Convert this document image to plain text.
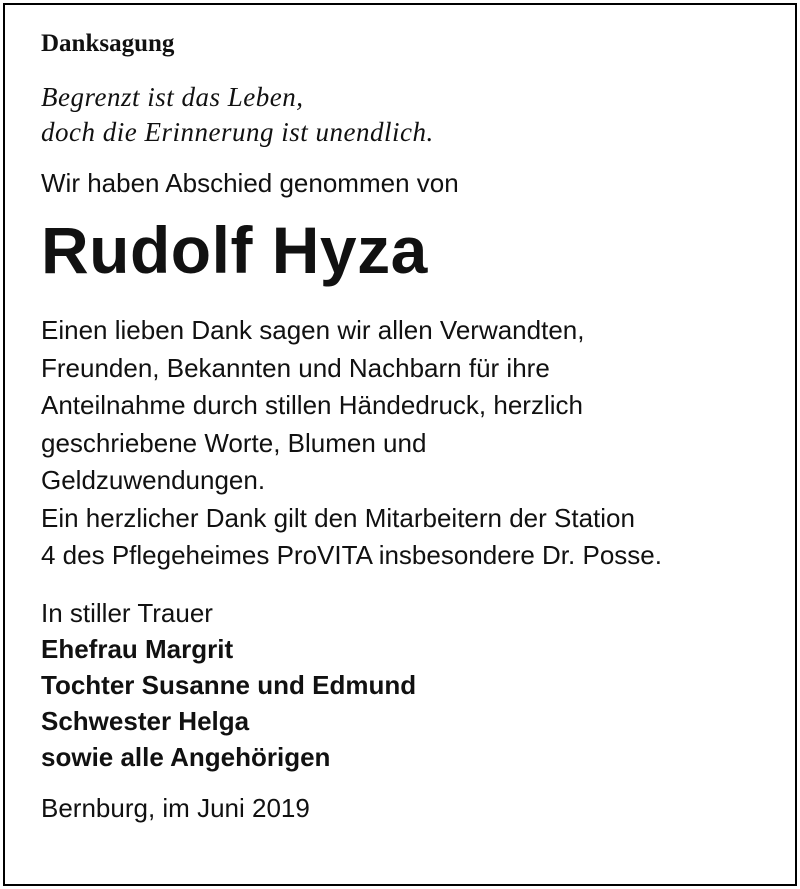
Danksagung
Begrenzt ist das Leben,
doch die Erinnerung ist unendlich.
Wir haben Abschied genommen von
Rudolf Hyza
Einen lieben Dank sagen wir allen Verwandten,
Freunden, Bekannten und Nachbarn für ihre
Anteilnahme durch stillen Händedruck, herzlich
geschriebene Worte, Blumen und
Geldzuwendungen.
Ein herzlicher Dank gilt den Mitarbeitern der Station
4 des Pflegeheimes ProVITA insbesondere Dr. Posse.
In stiller Trauer
Ehefrau Margrit
Tochter Susanne und Edmund
Schwester Helga
sowie alle Angehörigen
Bernburg, im Juni 2019
